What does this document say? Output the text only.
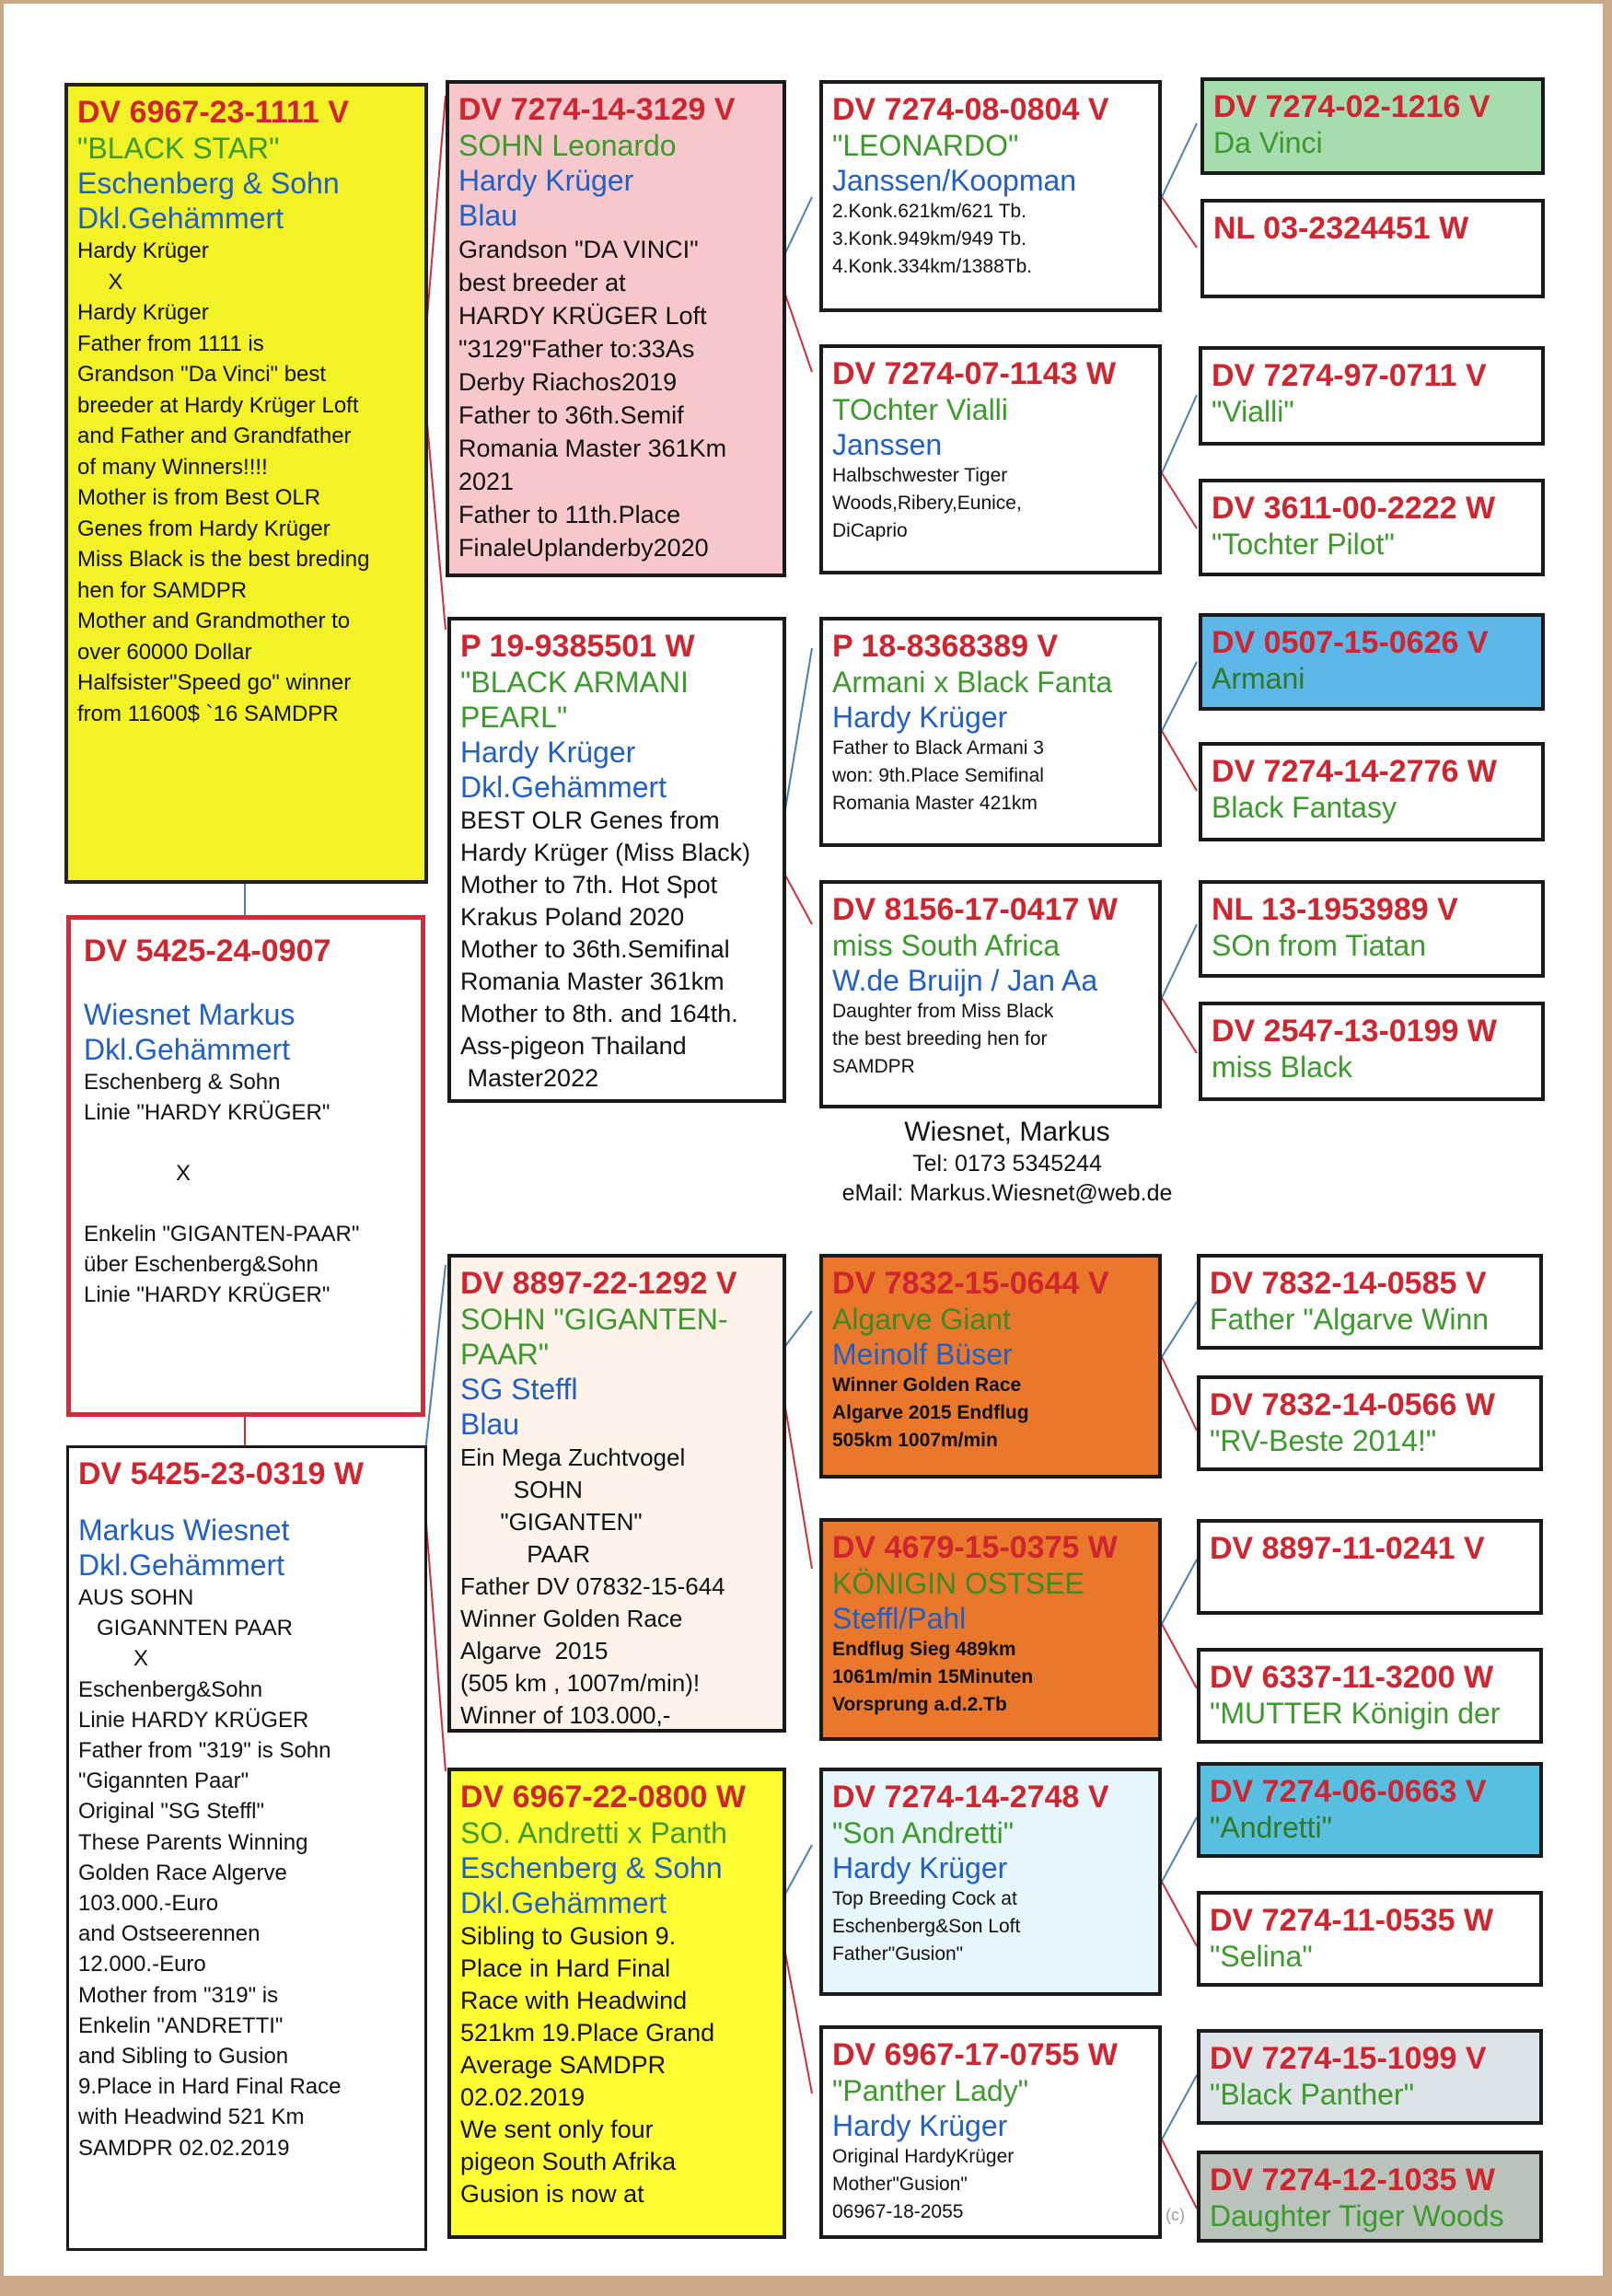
DV 6967-23-1111 V
"BLACK STAR"
Eschenberg & Sohn
Dkl.Gehämmert
Hardy Krüger
X
Hardy Krüger
Father from 1111 is
Grandson "Da Vinci" best
breeder at Hardy Krüger Loft
and Father and Grandfather
of many Winners!!!!
Mother is from Best OLR
Genes from Hardy Krüger
Miss Black is the best breding
hen for SAMDPR
Mother and Grandmother to
over 60000 Dollar
Halfsister"Speed go" winner
from 11600$ `16 SAMDPR
DV 5425-24-0907
Wiesnet Markus
Dkl.Gehämmert
Eschenberg & Sohn
Linie "HARDY KRÜGER"

X

Enkelin "GIGANTEN-PAAR"
über Eschenberg&Sohn
Linie "HARDY KRÜGER"
DV 5425-23-0319 W
Markus Wiesnet
Dkl.Gehämmert
AUS SOHN
GIGANNTEN PAAR
X
Eschenberg&Sohn
Linie HARDY KRÜGER
Father from "319" is Sohn
"Gigannten Paar"
Original "SG Steffl"
These Parents Winning
Golden Race Algerve
103.000.-Euro
and Ostseerennen
12.000.-Euro
Mother from "319" is
Enkelin "ANDRETTI"
and Sibling to Gusion
9.Place in Hard Final Race
with Headwind 521 Km
SAMDPR 02.02.2019
DV 7274-14-3129 V
SOHN Leonardo
Hardy Krüger
Blau
Grandson "DA VINCI"
best breeder at
HARDY KRÜGER Loft
"3129"Father to:33As
Derby Riachos2019
Father to 36th.Semif
Romania Master 361Km
2021
Father to 11th.Place
FinaleUplanderby2020
P 19-9385501 W
"BLACK ARMANI PEARL"
Hardy Krüger
Dkl.Gehämmert
BEST OLR Genes from
Hardy Krüger (Miss Black)
Mother to 7th. Hot Spot
Krakus Poland 2020
Mother to 36th.Semifinal
Romania Master 361km
Mother to 8th. and 164th.
Ass-pigeon Thailand
Master2022
DV 8897-22-1292 V
SOHN "GIGANTEN-PAAR"
SG Steffl
Blau
Ein Mega Zuchtvogel
SOHN
"GIGANTEN"
PAAR
Father DV 07832-15-644
Winner Golden Race
Algarve  2015
(505 km , 1007m/min)!
Winner of 103.000,-
DV 6967-22-0800 W
SO. Andretti x Panth
Eschenberg & Sohn
Dkl.Gehämmert
Sibling to Gusion 9.
Place in Hard Final
Race with Headwind
521km 19.Place Grand
Average SAMDPR
02.02.2019
We sent only four
pigeon South Afrika
Gusion is now at
DV 7274-08-0804 V
"LEONARDO"
Janssen/Koopman
2.Konk.621km/621 Tb.
3.Konk.949km/949 Tb.
4.Konk.334km/1388Tb.
DV 7274-07-1143 W
TOchter Vialli
Janssen
Halbschwester Tiger
Woods,Ribery,Eunice,
DiCaprio
P 18-8368389 V
Armani x Black Fanta
Hardy Krüger
Father to Black Armani 3
won: 9th.Place Semifinal
Romania Master 421km
DV 8156-17-0417 W
miss South Africa
W.de Bruijn / Jan Aa
Daughter from Miss Black
the best breeding hen for
SAMDPR
DV 7832-15-0644 V
Algarve Giant
Meinolf Büser
Winner Golden Race
Algarve 2015 Endflug
505km 1007m/min
DV 4679-15-0375 W
KÖNIGIN OSTSEE
Steffl/Pahl
Endflug Sieg 489km
1061m/min 15Minuten
Vorsprung a.d.2.Tb
DV 7274-14-2748 V
"Son Andretti"
Hardy Krüger
Top Breeding Cock at
Eschenberg&Son Loft
Father"Gusion"
DV 6967-17-0755 W
"Panther Lady"
Hardy Krüger
Original HardyKrüger
Mother"Gusion"
06967-18-2055
Wiesnet, Markus
Tel: 0173 5345244
eMail: Markus.Wiesnet@web.de
DV 7274-02-1216 V
Da Vinci
NL 03-2324451 W
DV 7274-97-0711 V
"Vialli"
DV 3611-00-2222 W
"Tochter Pilot"
DV 0507-15-0626 V
Armani
DV 7274-14-2776 W
Black Fantasy
NL 13-1953989 V
SOn from Tiatan
DV 2547-13-0199 W
miss Black
DV 7832-14-0585 V
Father "Algarve Winn
DV 7832-14-0566 W
"RV-Beste 2014!"
DV 8897-11-0241 V
DV 6337-11-3200 W
"MUTTER Königin der
DV 7274-06-0663 V
"Andretti"
DV 7274-11-0535 W
"Selina"
DV 7274-15-1099 V
"Black Panther"
DV 7274-12-1035 W
Daughter Tiger Woods
(c)
